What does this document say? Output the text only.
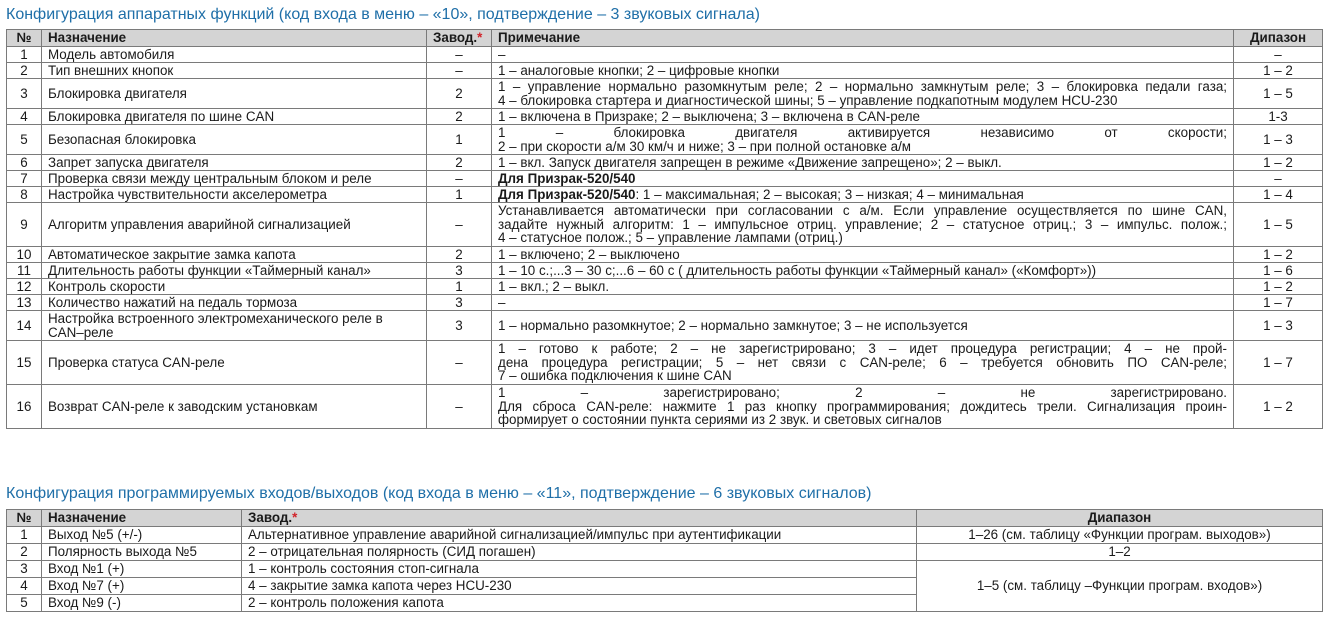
Конфигурация аппаратных функций (код входа в меню – «10», подтверждение – 3 звуковых сигнала)
№	Назначение	Завод.*	Примечание	Дипазон
1	Модель автомобиля	–	–	–
2	Тип внешних кнопок	–	1 – аналоговые кнопки; 2 – цифровые кнопки	1 – 2
3	Блокировка двигателя	2	1 – управление нормально разомкнутым реле; 2 – нормально замкнутым реле; 3 – блокировка педали газа;
4 – блокировка стартера и диагностической шины; 5 – управление подкапотным модулем HCU-230	1 – 5
4	Блокировка двигателя по шине CAN	2	1 – включена в Призраке; 2 – выключена; 3 – включена в CAN-реле	1-3
5	Безопасная блокировка	1	1 – блокировка двигателя активируется независимо от скорости;
2 – при скорости а/м 30 км/ч и ниже; 3 – при полной остановке а/м	1 – 3
6	Запрет запуска двигателя	2	1 – вкл. Запуск двигателя запрещен в режиме «Движение запрещено»; 2 – выкл.	1 – 2
7	Проверка связи между центральным блоком и реле	–	Для Призрак-520/540	–
8	Настройка чувствительности акселерометра	1	Для Призрак-520/540: 1 – максимальная; 2 – высокая; 3 – низкая; 4 – минимальная	1 – 4
9	Алгоритм управления аварийной сигнализацией	–	Устанавливается автоматически при согласовании с а/м. Если управление осуществляется по шине CAN,
задайте нужный алгоритм: 1 – импульсное отриц. управление; 2 – статусное отриц.; 3 – импульс. полож.;
4 – статусное полож.; 5 – управление лампами (отриц.)	1 – 5
10	Автоматическое закрытие замка капота	2	1 – включено; 2 – выключено	1 – 2
11	Длительность работы функции «Таймерный канал»	3	1 – 10 с.;...3 – 30 с;...6 – 60 с ( длительность работы функции «Таймерный канал» («Комфорт»))	1 – 6
12	Контроль скорости	1	1 – вкл.; 2 – выкл.	1 – 2
13	Количество нажатий на педаль тормоза	3	–	1 – 7
14	Настройка встроенного электромеханического реле в CAN–реле	3	1 – нормально разомкнутое; 2 – нормально замкнутое; 3 – не используется	1 – 3
15	Проверка статуса CAN-реле	–	1 – готово к работе; 2 – не зарегистрировано; 3 – идет процедура регистрации; 4 – не прой-
дена процедура регистрации; 5 – нет связи с CAN-реле; 6 – требуется обновить ПО CAN-реле;
7 – ошибка подключения к шине CAN	1 – 7
16	Возврат CAN-реле к заводским установкам	–	1 – зарегистрировано; 2 – не зарегистрировано.
Для сброса CAN-реле: нажмите 1 раз кнопку программирования; дождитесь трели. Сигнализация проин-
формирует о состоянии пункта сериями из 2 звук. и световых сигналов	1 – 2
Конфигурация программируемых входов/выходов (код входа в меню – «11», подтверждение – 6 звуковых сигналов)
№	Назначение	Завод.*	Диапазон
1	Выход №5 (+/-)	Альтернативное управление аварийной сигнализацией/импульс при аутентификации	1–26 (см. таблицу «Функции програм. выходов»)
2	Полярность выхода №5	2 – отрицательная полярность (СИД погашен)	1–2
3	Вход №1 (+)	1 – контроль состояния стоп-сигнала	1–5 (см. таблицу –Функции програм. входов»)
4	Вход №7 (+)	4 – закрытие замка капота через HCU-230	
5	Вход №9 (-)	2 – контроль положения капота	
